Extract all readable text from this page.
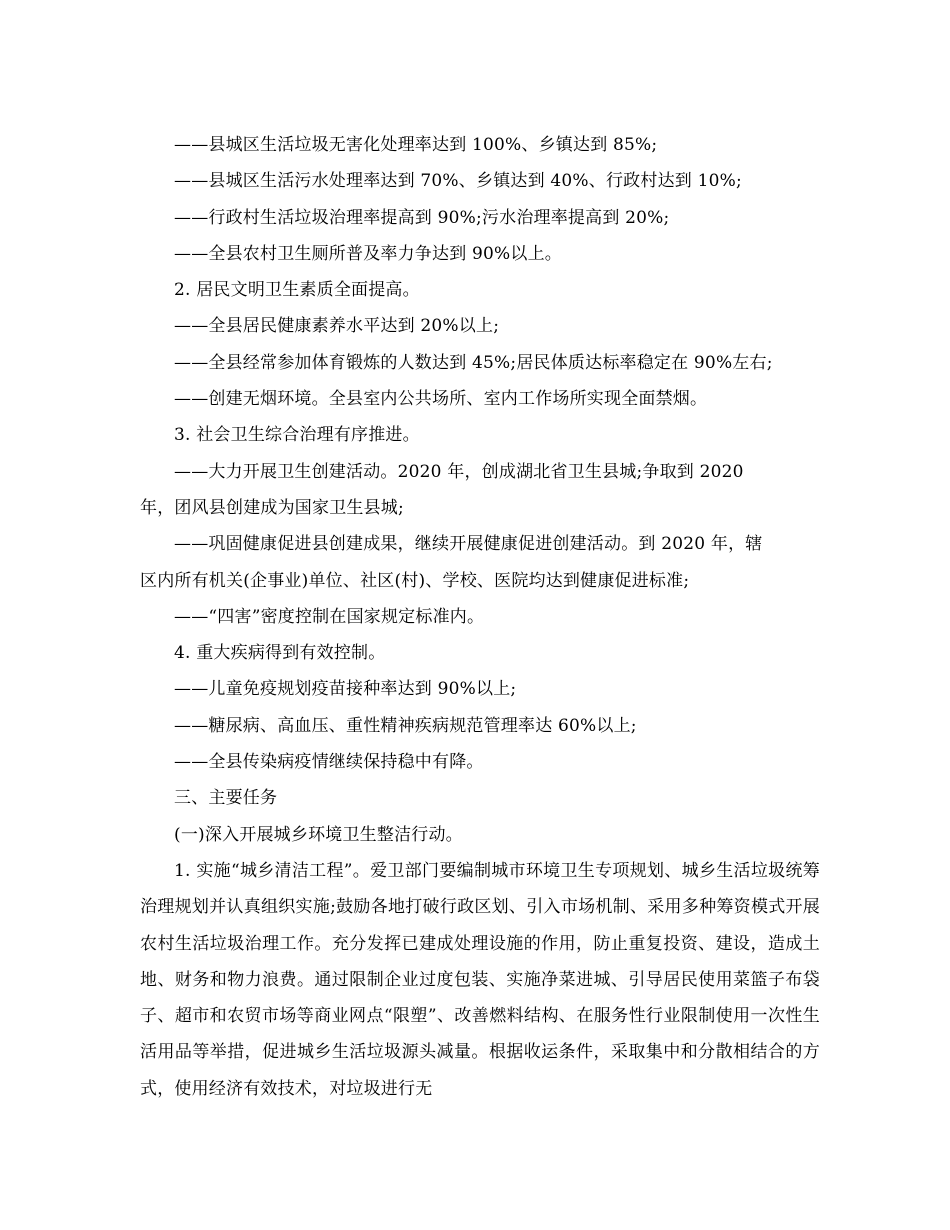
——县城区生活垃圾无害化处理率达到 100%、乡镇达到 85%;
——县城区生活污水处理率达到 70%、乡镇达到 40%、行政村达到 10%;
——行政村生活垃圾治理率提高到 90%;污水治理率提高到 20%;
——全县农村卫生厕所普及率力争达到 90%以上。
2. 居民文明卫生素质全面提高。
——全县居民健康素养水平达到 20%以上;
——全县经常参加体育锻炼的人数达到 45%;居民体质达标率稳定在 90%左右;
——创建无烟环境。全县室内公共场所、室内工作场所实现全面禁烟。
3. 社会卫生综合治理有序推进。
——大力开展卫生创建活动。2020 年，创成湖北省卫生县城;争取到 2020
年，团风县创建成为国家卫生县城;
——巩固健康促进县创建成果，继续开展健康促进创建活动。到 2020 年，辖
区内所有机关(企事业)单位、社区(村)、学校、医院均达到健康促进标准;
——“四害”密度控制在国家规定标准内。
4. 重大疾病得到有效控制。
——儿童免疫规划疫苗接种率达到 90%以上;
——糖尿病、高血压、重性精神疾病规范管理率达 60%以上;
——全县传染病疫情继续保持稳中有降。
三、主要任务
(一)深入开展城乡环境卫生整洁行动。
1. 实施“城乡清洁工程”。爱卫部门要编制城市环境卫生专项规划、城乡生活垃圾统筹治理规划并认真组织实施;鼓励各地打破行政区划、引入市场机制、采用多种筹资模式开展农村生活垃圾治理工作。充分发挥已建成处理设施的作用，防止重复投资、建设，造成土地、财务和物力浪费。通过限制企业过度包装、实施净菜进城、引导居民使用菜篮子布袋子、超市和农贸市场等商业网点“限塑”、改善燃料结构、在服务性行业限制使用一次性生活用品等举措，促进城乡生活垃圾源头减量。根据收运条件，采取集中和分散相结合的方式，使用经济有效技术，对垃圾进行无
